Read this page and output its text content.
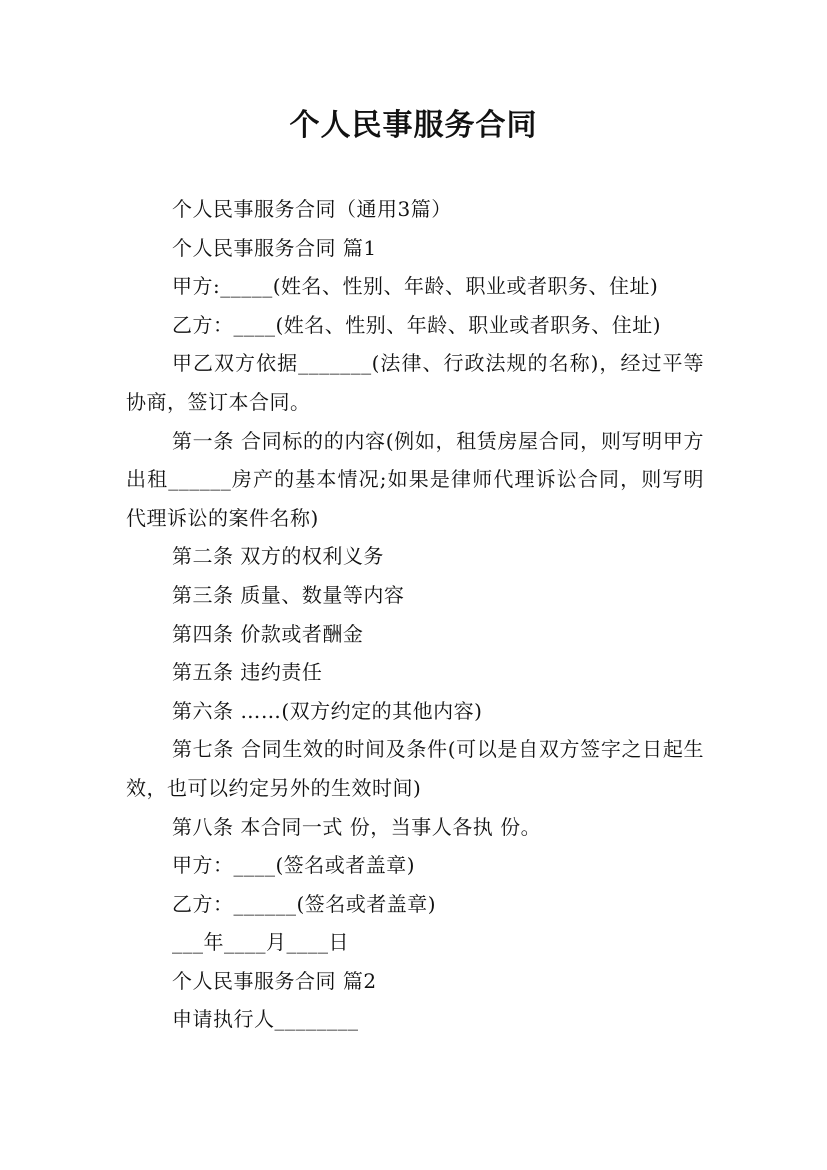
个人民事服务合同

个人民事服务合同（通用3篇）

个人民事服务合同 篇1

甲方:_____(姓名、性别、年龄、职业或者职务、住址)

乙方：____(姓名、性别、年龄、职业或者职务、住址)

甲乙双方依据_______(法律、行政法规的名称)，经过平等协商，签订本合同。

第一条 合同标的的内容(例如，租赁房屋合同，则写明甲方出租______房产的基本情况;如果是律师代理诉讼合同，则写明代理诉讼的案件名称)

第二条 双方的权利义务

第三条 质量、数量等内容

第四条 价款或者酬金

第五条 违约责任

第六条 ……(双方约定的其他内容)

第七条 合同生效的时间及条件(可以是自双方签字之日起生效，也可以约定另外的生效时间)

第八条 本合同一式 份，当事人各执 份。

甲方：____(签名或者盖章)

乙方：______(签名或者盖章)

___年____月____日

个人民事服务合同 篇2

申请执行人________
